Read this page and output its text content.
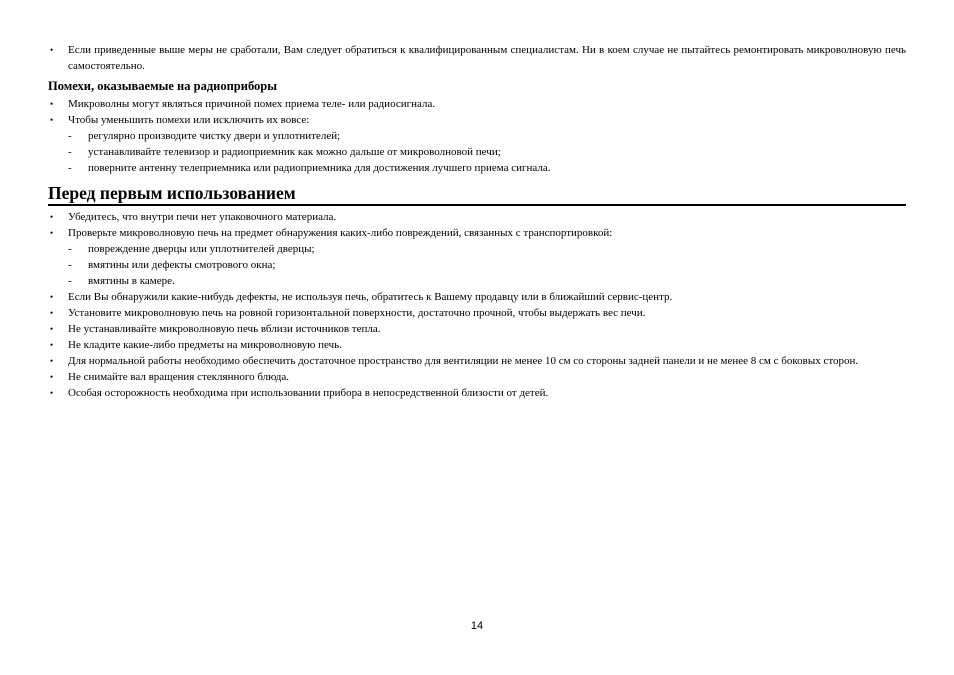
• Если приведенные выше меры не сработали, Вам следует обратиться к квалифицированным специалистам. Ни в коем случае не пытайтесь ремонтировать микроволновую печь самостоятельно.
Помехи, оказываемые на радиоприборы
• Микроволны могут являться причиной помех приема теле- или радиосигнала.
• Чтобы уменьшить помехи или исключить их вовсе:
- регулярно производите чистку двери и уплотнителей;
- устанавливайте телевизор и радиоприемник как можно дальше от микроволновой печи;
- поверните антенну телеприемника или радиоприемника для достижения лучшего приема сигнала.
Перед первым использованием
• Убедитесь, что внутри печи нет упаковочного материала.
• Проверьте микроволновую печь на предмет обнаружения каких-либо повреждений, связанных с транспортировкой:
- повреждение дверцы или уплотнителей дверцы;
- вмятины или дефекты смотрового окна;
- вмятины в камере.
• Если Вы обнаружили какие-нибудь дефекты, не используя печь, обратитесь к Вашему продавцу или в ближайший сервис-центр.
• Установите микроволновую печь на ровной горизонтальной поверхности, достаточно прочной, чтобы выдержать вес печи.
• Не устанавливайте микроволновую печь вблизи источников тепла.
• Не кладите какие-либо предметы на микроволновую печь.
• Для нормальной работы необходимо обеспечить достаточное пространство для вентиляции не менее 10 см со стороны задней панели и не менее 8 см с боковых сторон.
• Не снимайте вал вращения стеклянного блюда.
• Особая осторожность необходима при использовании прибора в непосредственной близости от детей.
14
